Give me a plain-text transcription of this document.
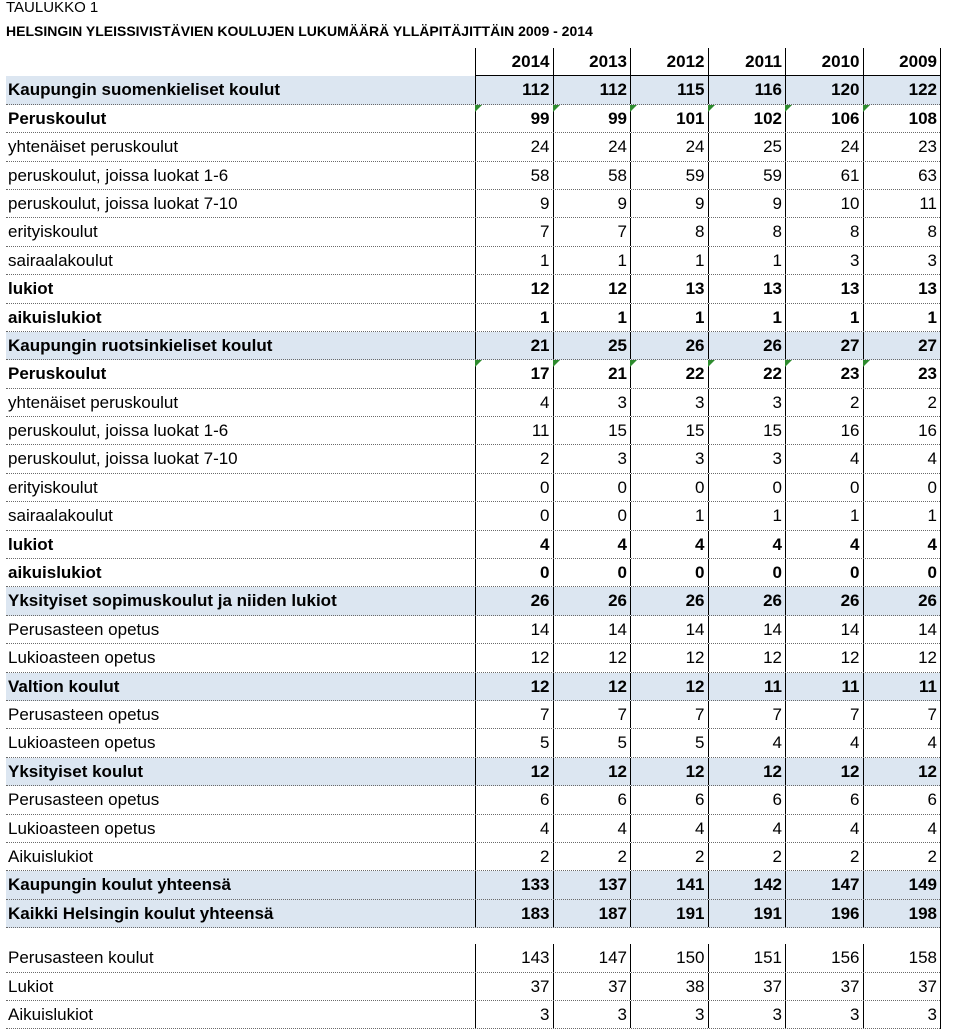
TAULUKKO 1
HELSINGIN YLEISSIVISTÄVIEN KOULUJEN LUKUMÄÄRÄ YLLÄPITÄJITTÄIN 2009 - 2014
2014	2013	2012	2011	2010	2009
Kaupungin suomenkieliset koulut	112	112	115	116	120	122
Peruskoulut	99	99	101	102	106	108
yhtenäiset peruskoulut	24	24	24	25	24	23
peruskoulut, joissa luokat 1-6	58	58	59	59	61	63
peruskoulut, joissa luokat 7-10	9	9	9	9	10	11
erityiskoulut	7	7	8	8	8	8
sairaalakoulut	1	1	1	1	3	3
lukiot	12	12	13	13	13	13
aikuislukiot	1	1	1	1	1	1
Kaupungin ruotsinkieliset koulut	21	25	26	26	27	27
Peruskoulut	17	21	22	22	23	23
yhtenäiset peruskoulut	4	3	3	3	2	2
peruskoulut, joissa luokat 1-6	11	15	15	15	16	16
peruskoulut, joissa luokat 7-10	2	3	3	3	4	4
erityiskoulut	0	0	0	0	0	0
sairaalakoulut	0	0	1	1	1	1
lukiot	4	4	4	4	4	4
aikuislukiot	0	0	0	0	0	0
Yksityiset sopimuskoulut ja niiden lukiot	26	26	26	26	26	26
Perusasteen opetus	14	14	14	14	14	14
Lukioasteen opetus	12	12	12	12	12	12
Valtion koulut	12	12	12	11	11	11
Perusasteen opetus	7	7	7	7	7	7
Lukioasteen opetus	5	5	5	4	4	4
Yksityiset koulut	12	12	12	12	12	12
Perusasteen opetus	6	6	6	6	6	6
Lukioasteen opetus	4	4	4	4	4	4
Aikuislukiot	2	2	2	2	2	2
Kaupungin koulut yhteensä	133	137	141	142	147	149
Kaikki Helsingin koulut yhteensä	183	187	191	191	196	198
Perusasteen koulut	143	147	150	151	156	158
Lukiot	37	37	38	37	37	37
Aikuislukiot	3	3	3	3	3	3
